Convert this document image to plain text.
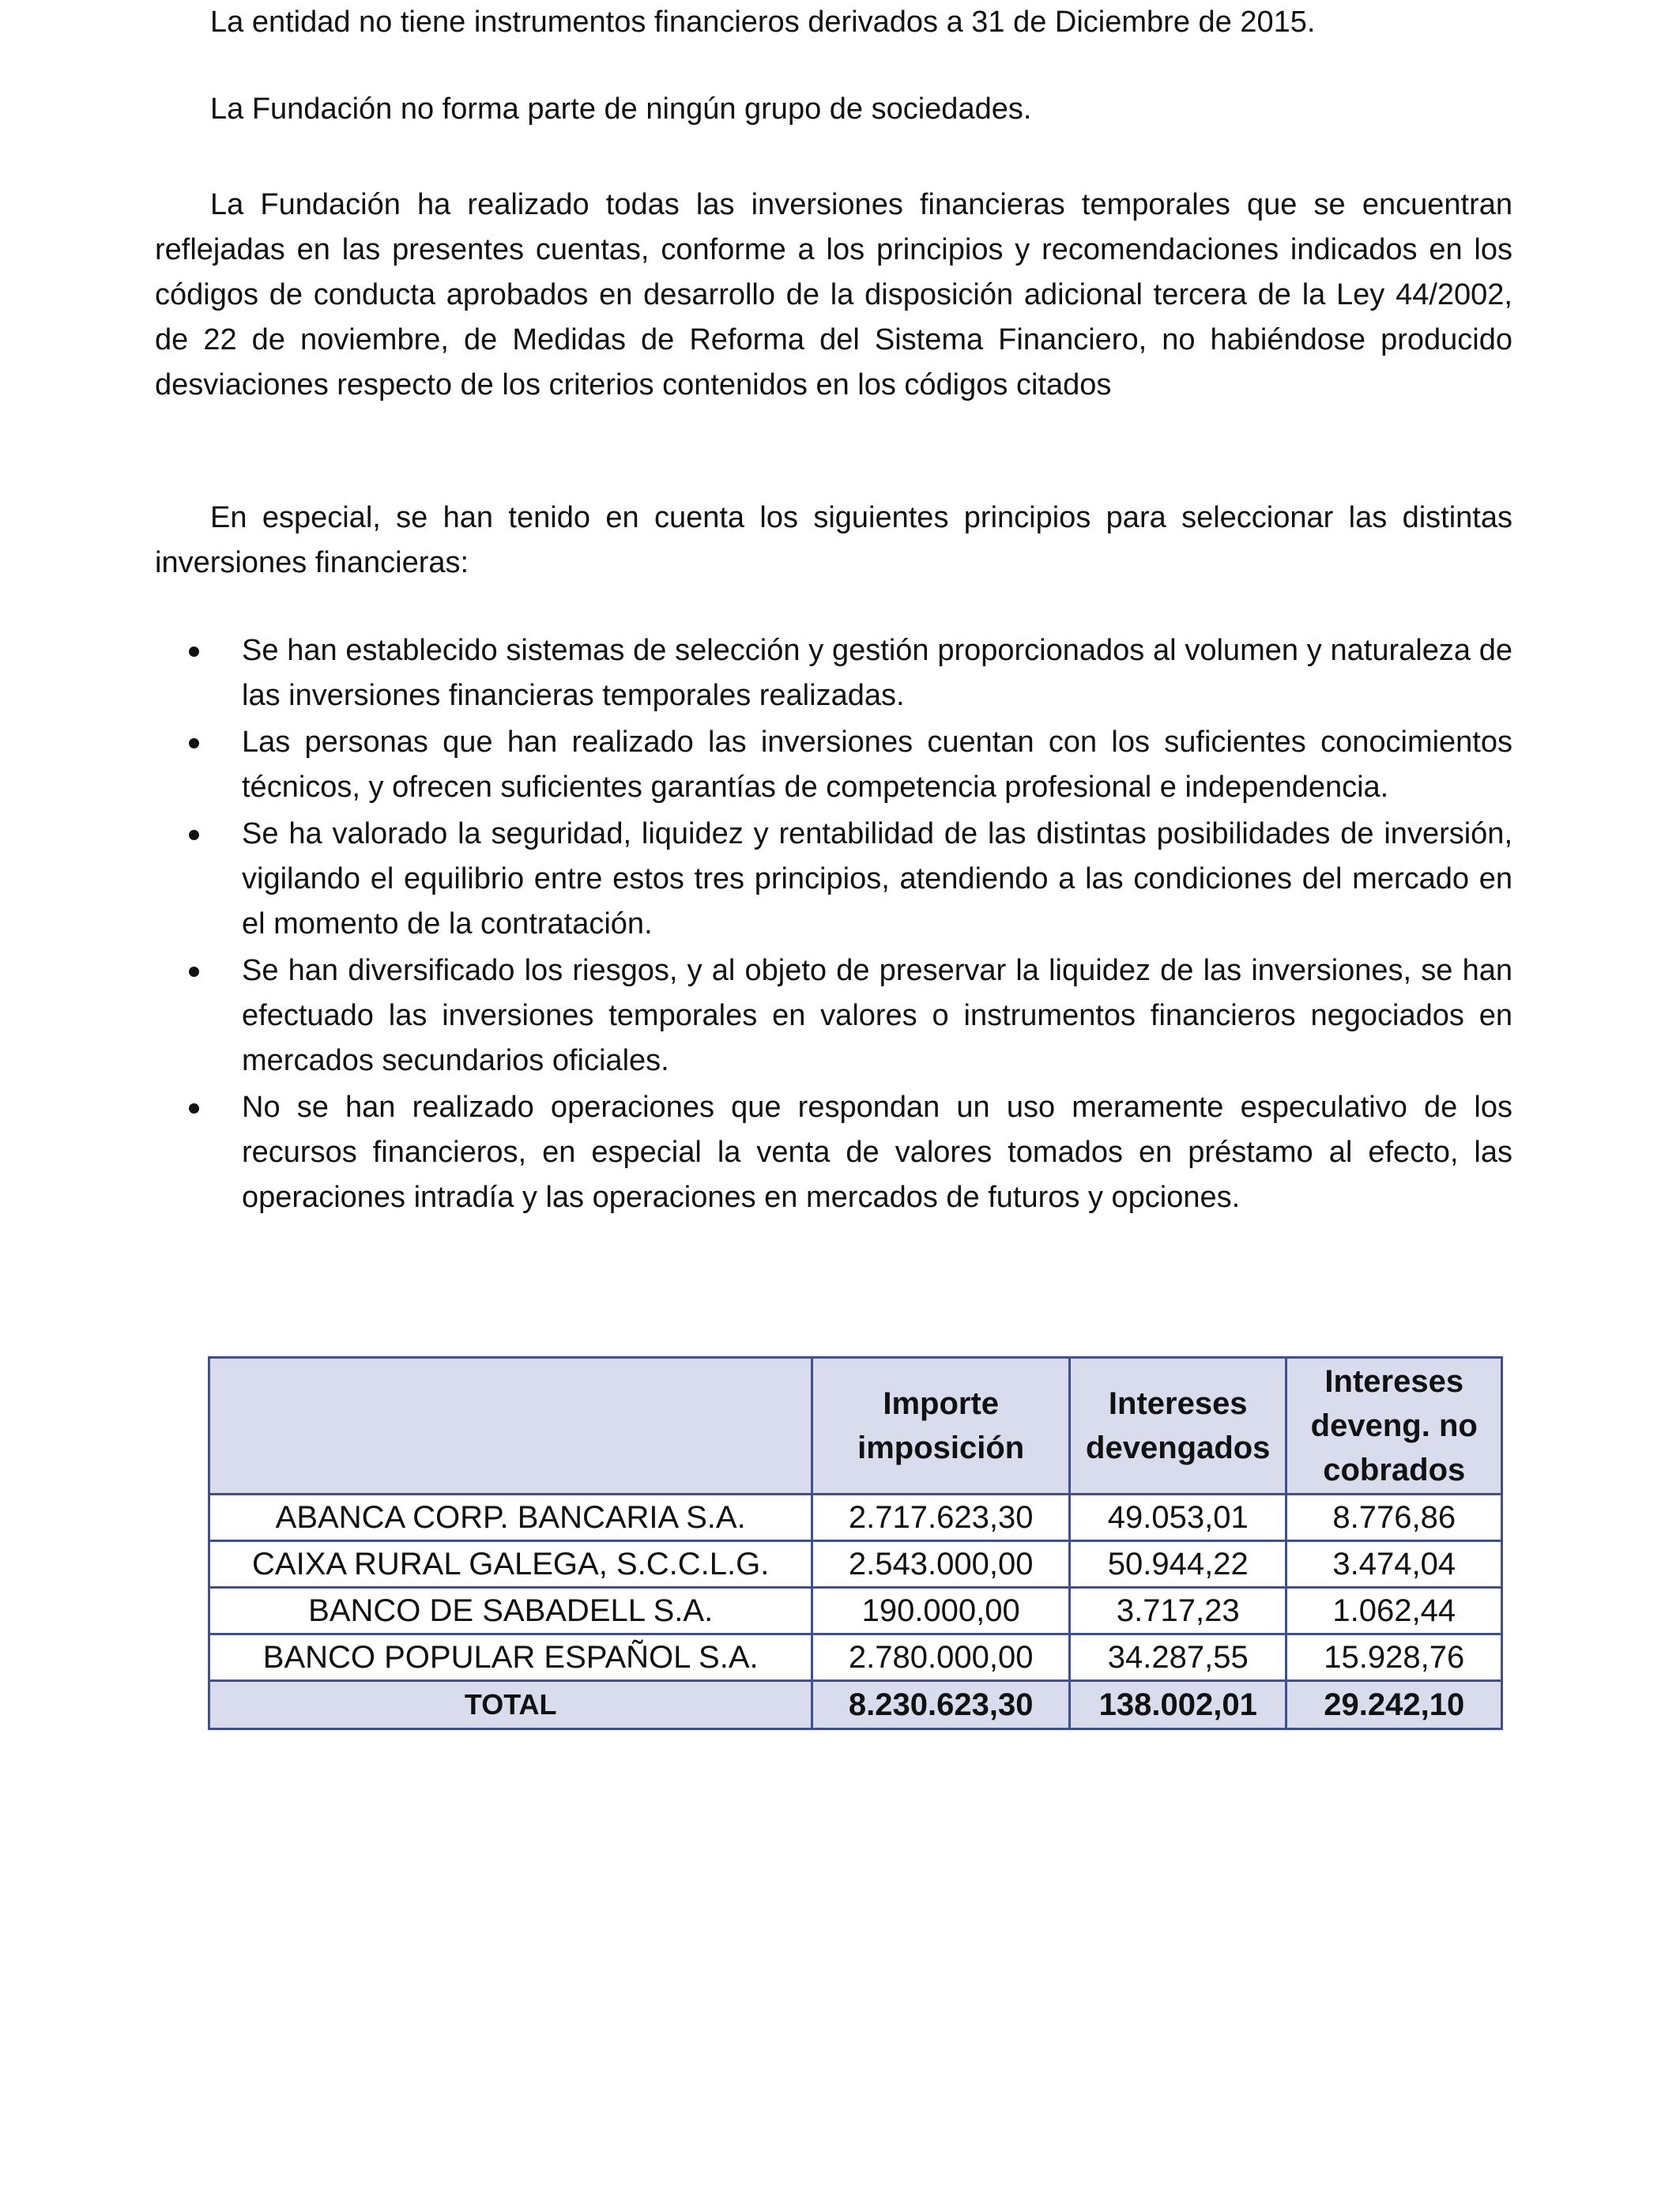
La entidad no tiene instrumentos financieros derivados a 31 de Diciembre de 2015.

La Fundación no forma parte de ningún grupo de sociedades.

La Fundación ha realizado todas las inversiones financieras temporales que se encuentran reflejadas en las presentes cuentas, conforme a los principios y recomendaciones indicados en los códigos de conducta aprobados en desarrollo de la disposición adicional tercera de la Ley 44/2002, de 22 de noviembre, de Medidas de Reforma del Sistema Financiero, no habiéndose producido desviaciones respecto de los criterios contenidos en los códigos citados

En especial, se han tenido en cuenta los siguientes principios para seleccionar las distintas inversiones financieras:

Se han establecido sistemas de selección y gestión proporcionados al volumen y naturaleza de las inversiones financieras temporales realizadas.
Las personas que han realizado las inversiones cuentan con los suficientes conocimientos técnicos, y ofrecen suficientes garantías de competencia profesional e independencia.
Se ha valorado la seguridad, liquidez y rentabilidad de las distintas posibilidades de inversión, vigilando el equilibrio entre estos tres principios, atendiendo a las condiciones del mercado en el momento de la contratación.
Se han diversificado los riesgos, y al objeto de preservar la liquidez de las inversiones, se han efectuado las inversiones temporales en valores o instrumentos financieros negociados en mercados secundarios oficiales.
No se han realizado operaciones que respondan un uso meramente especulativo de los recursos financieros, en especial la venta de valores tomados en préstamo al efecto, las operaciones intradía y las operaciones en mercados de futuros y opciones.
	Importe imposición	Intereses devengados	Intereses deveng. no cobrados
ABANCA CORP. BANCARIA S.A.	2.717.623,30	49.053,01	8.776,86
CAIXA RURAL GALEGA, S.C.C.L.G.	2.543.000,00	50.944,22	3.474,04
BANCO DE SABADELL S.A.	190.000,00	3.717,23	1.062,44
BANCO POPULAR ESPAÑOL S.A.	2.780.000,00	34.287,55	15.928,76
TOTAL	8.230.623,30	138.002,01	29.242,10
